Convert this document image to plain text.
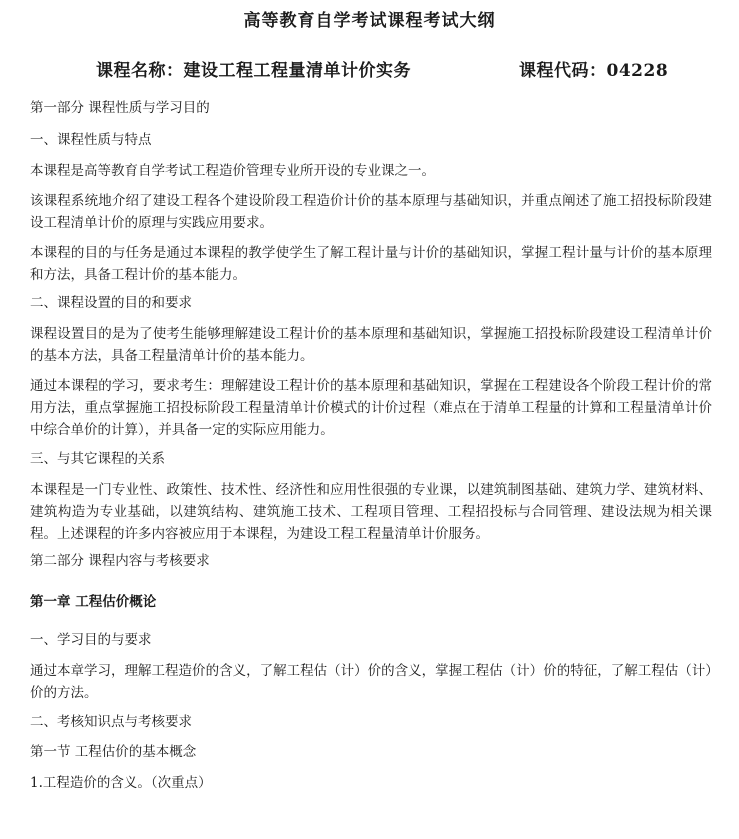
高等教育自学考试课程考试大纲
课程名称：建设工程工程量清单计价实务	课程代码：04228
第一部分 课程性质与学习目的
一、课程性质与特点
本课程是高等教育自学考试工程造价管理专业所开设的专业课之一。
该课程系统地介绍了建设工程各个建设阶段工程造价计价的基本原理与基础知识，并重点阐述了施工招投标阶段建设工程清单计价的原理与实践应用要求。
本课程的目的与任务是通过本课程的教学使学生了解工程计量与计价的基础知识，掌握工程计量与计价的基本原理和方法，具备工程计价的基本能力。
二、课程设置的目的和要求
课程设置目的是为了使考生能够理解建设工程计价的基本原理和基础知识，掌握施工招投标阶段建设工程清单计价的基本方法，具备工程量清单计价的基本能力。
通过本课程的学习，要求考生：理解建设工程计价的基本原理和基础知识，掌握在工程建设各个阶段工程计价的常用方法，重点掌握施工招投标阶段工程量清单计价模式的计价过程（难点在于清单工程量的计算和工程量清单计价中综合单价的计算），并具备一定的实际应用能力。
三、与其它课程的关系
本课程是一门专业性、政策性、技术性、经济性和应用性很强的专业课，以建筑制图基础、建筑力学、建筑材料、建筑构造为专业基础，以建筑结构、建筑施工技术、工程项目管理、工程招投标与合同管理、建设法规为相关课程。上述课程的许多内容被应用于本课程，为建设工程工程量清单计价服务。
第二部分 课程内容与考核要求
第一章 工程估价概论
一、学习目的与要求
通过本章学习，理解工程造价的含义，了解工程估（计）价的含义，掌握工程估（计）价的特征，了解工程估（计）价的方法。
二、考核知识点与考核要求
第一节 工程估价的基本概念
1.工程造价的含义。（次重点）
